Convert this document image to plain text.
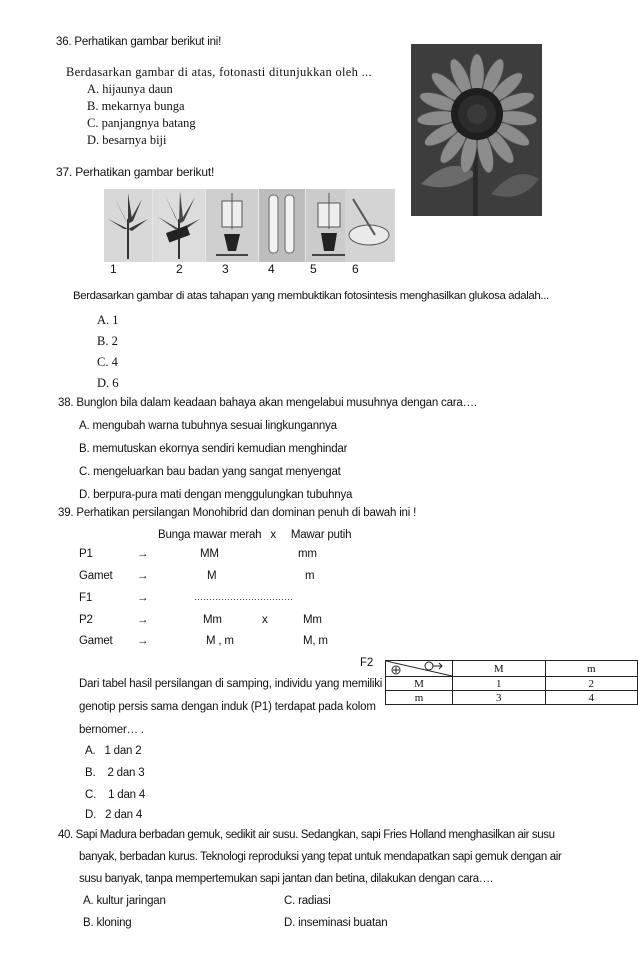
36. Perhatikan gambar berikut ini!
Berdasarkan gambar di atas, fotonasti ditunjukkan oleh ...
A. hijaunya daun
B. mekarnya bunga
C. panjangnya batang
D. besarnya biji
37. Perhatikan gambar berikut!
1	2	3	4	5	6
Berdasarkan gambar di atas tahapan yang membuktikan fotosintesis menghasilkan glukosa adalah...
A. 1
B. 2
C. 4
D. 6
38. Bunglon bila dalam keadaan bahaya akan mengelabui musuhnya dengan cara….
A. mengubah warna tubuhnya sesuai lingkungannya
B. memutuskan ekornya sendiri kemudian menghindar
C. mengeluarkan bau badan yang sangat menyengat
D. berpura-pura mati dengan menggulungkan tubuhnya
39. Perhatikan persilangan Monohibrid dan dominan penuh di bawah ini !
Bunga mawar merah   x     Mawar putih
P1	→	MM	mm
Gamet →	M	m
F1	→	……………………………
P2	→	Mm	x	Mm
Gamet →	M , m	M, m
F2
		M	m
M	1	2
m	3	4
Dari tabel hasil persilangan di samping, individu yang memiliki
genotip persis sama dengan induk (P1) terdapat pada kolom
bernomer… .
A.   1 dan 2
B.    2 dan 3
C.    1 dan 4
D.   2 dan 4
40. Sapi Madura berbadan gemuk, sedikit air susu. Sedangkan, sapi Fries Holland menghasilkan air susu
banyak, berbadan kurus. Teknologi reproduksi yang tepat untuk mendapatkan sapi gemuk dengan air
susu banyak, tanpa mempertemukan sapi jantan dan betina, dilakukan dengan cara….
A. kultur jaringan
B. kloning
C. radiasi
D. inseminasi buatan
